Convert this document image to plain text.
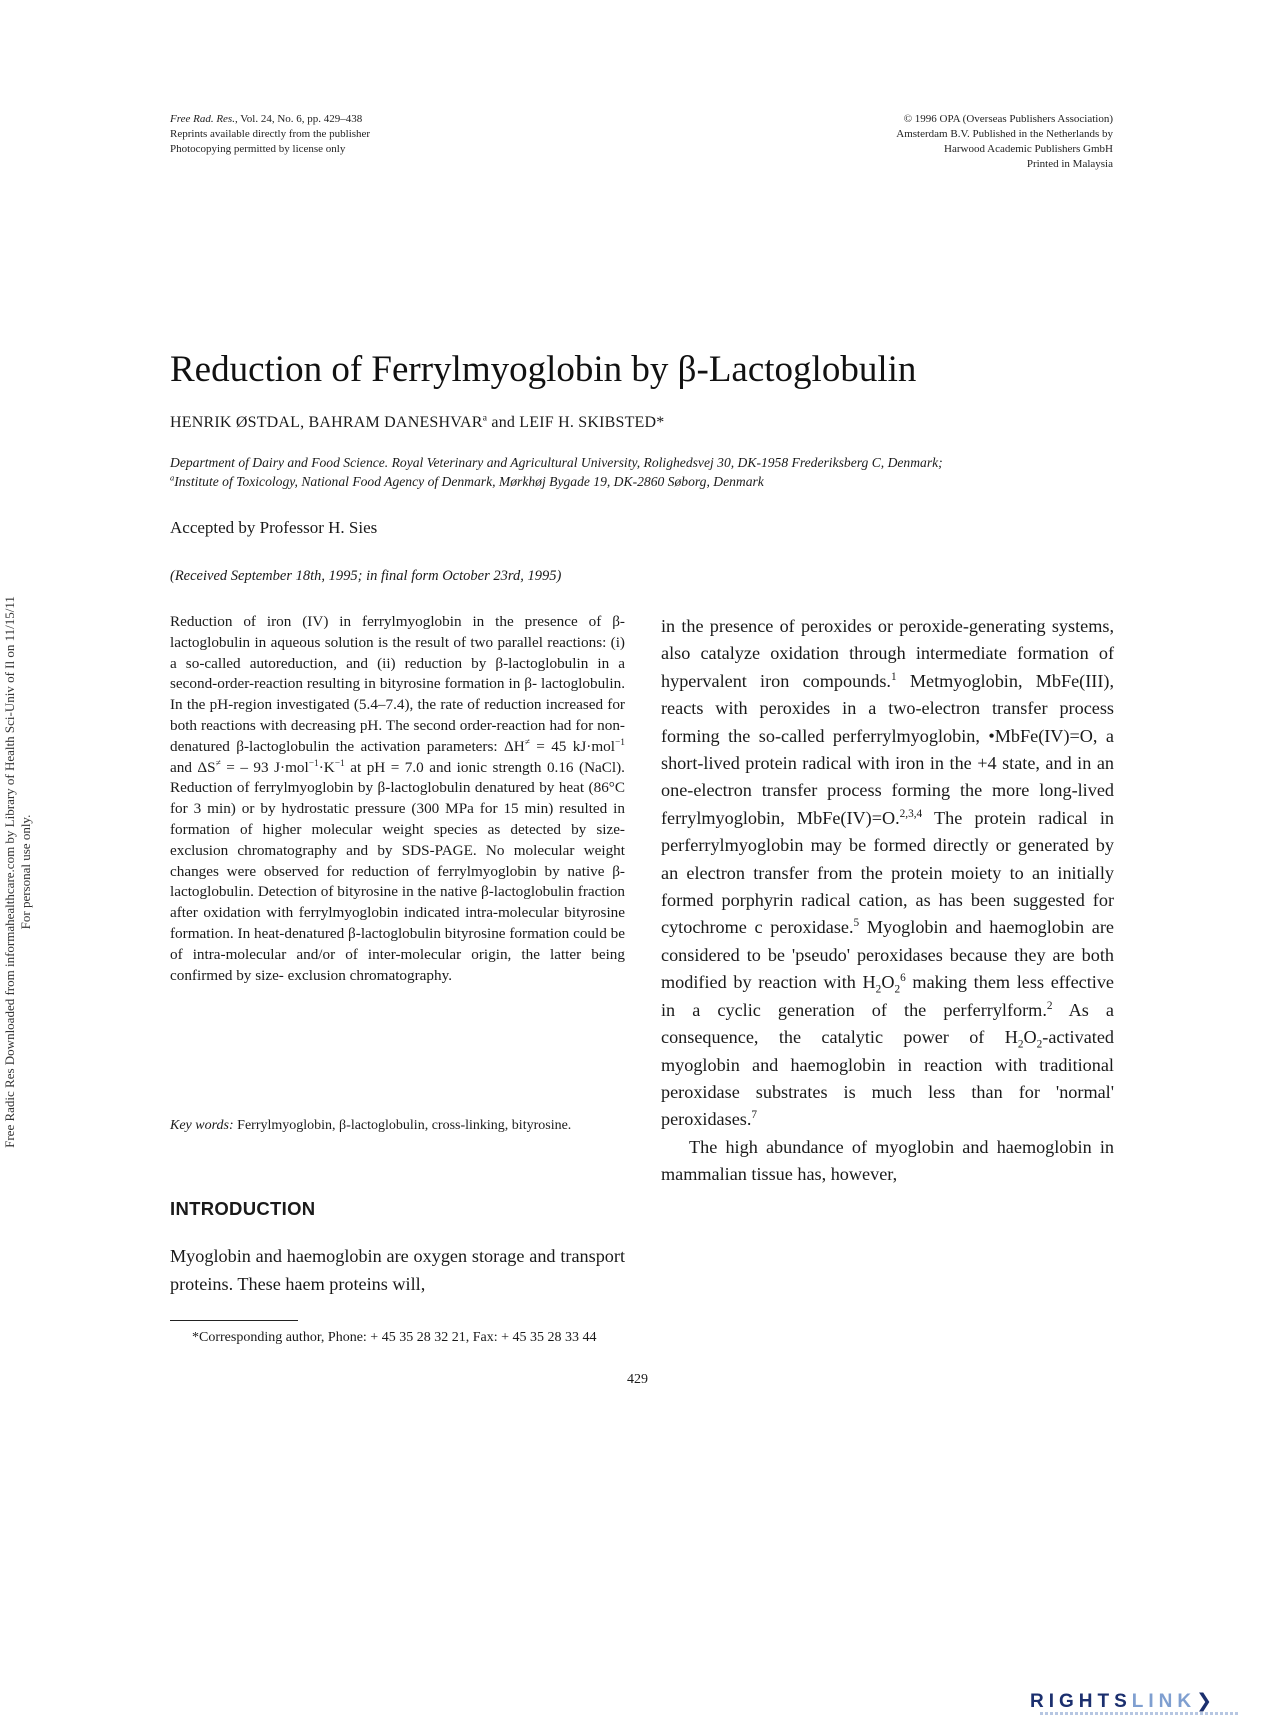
Free Radic Res Downloaded from informahealthcare.com by Library of Health Sci-Univ of Il on 11/15/11 For personal use only.
Free Rad. Res., Vol. 24, No. 6, pp. 429–438
Reprints available directly from the publisher
Photocopying permitted by license only
© 1996 OPA (Overseas Publishers Association)
Amsterdam B.V. Published in the Netherlands by
Harwood Academic Publishers GmbH
Printed in Malaysia
Reduction of Ferrylmyoglobin by β-Lactoglobulin
HENRIK ØSTDAL, BAHRAM DANESHVAR$^a$ and LEIF H. SKIBSTED*
Department of Dairy and Food Science. Royal Veterinary and Agricultural University, Rolighedsvej 30, DK-1958 Frederiksberg C, Denmark;
$^a$Institute of Toxicology, National Food Agency of Denmark, Mørkhøj Bygade 19, DK-2860 Søborg, Denmark
Accepted by Professor H. Sies
(Received September 18th, 1995; in final form October 23rd, 1995)

Reduction of iron (IV) in ferrylmyoglobin in the presence of β-lactoglobulin in aqueous solution is the result of two parallel reactions: (i) a so-called autoreduction, and (ii) reduction by β-lactoglobulin in a second-order-reaction resulting in bityrosine formation in β- lactoglobulin. In the pH-region investigated (5.4–7.4), the rate of reduction increased for both reactions with decreasing pH. The second order-reaction had for non-denatured β-lactoglobulin the activation parameters: ΔH≠ = 45 kJ·mol$^{-1}$ and ΔS≠ = – 93 $J\cdot mol^{-1}\cdot K^{-1}$ at pH = 7.0 and ionic strength 0.16 (NaCl). Reduction of ferrylmyoglobin by β-lactoglobulin denatured by heat (86°C for 3 min) or by hydrostatic pressure (300 MPa for 15 min) resulted in formation of higher molecular weight species as detected by size-exclusion chromatography and by SDS-PAGE. No molecular weight changes were observed for reduction of ferrylmyoglobin by native β-lactoglobulin. Detection of bityrosine in the native β-lactoglobulin fraction after oxidation with ferrylmyoglobin indicated intra-molecular bityrosine formation. In heat-denatured β-lactoglobulin bityrosine formation could be of intra-molecular and/or of inter-molecular origin, the latter being confirmed by size- exclusion chromatography.

Key words: Ferrylmyoglobin, β-lactoglobulin, cross-linking, bityrosine.
INTRODUCTION

Myoglobin and haemoglobin are oxygen storage and transport proteins. These haem proteins will,

in the presence of peroxides or peroxide-generating systems, also catalyze oxidation through intermediate formation of hypervalent iron compounds.$^1$ Metmyoglobin, MbFe(III), reacts with peroxides in a two-electron transfer process forming the so-called perferrylmyoglobin, •MbFe(IV)=O, a short-lived protein radical with iron in the +4 state, and in an one-electron transfer process forming the more long-lived ferrylmyoglobin, MbFe(IV)=O.$^{2,3,4}$ The protein radical in perferrylmyoglobin may be formed directly or generated by an electron transfer from the protein moiety to an initially formed porphyrin radical cation, as has been suggested for cytochrome c peroxidase.$^5$ Myoglobin and haemoglobin are considered to be 'pseudo' peroxidases because they are both modified by reaction with $H_2O_2^6$ making them less effective in a cyclic generation of the perferrylform.$^2$ As a consequence, the catalytic power of $H_2O_2$-activated myoglobin and haemoglobin in reaction with traditional peroxidase substrates is much less than for 'normal' peroxidases.$^7$

The high abundance of myoglobin and haemoglobin in mammalian tissue has, however,

*Corresponding author, Phone: + 45 35 28 32 21, Fax: + 45 35 28 33 44
429
RIGHTSLINK❯
